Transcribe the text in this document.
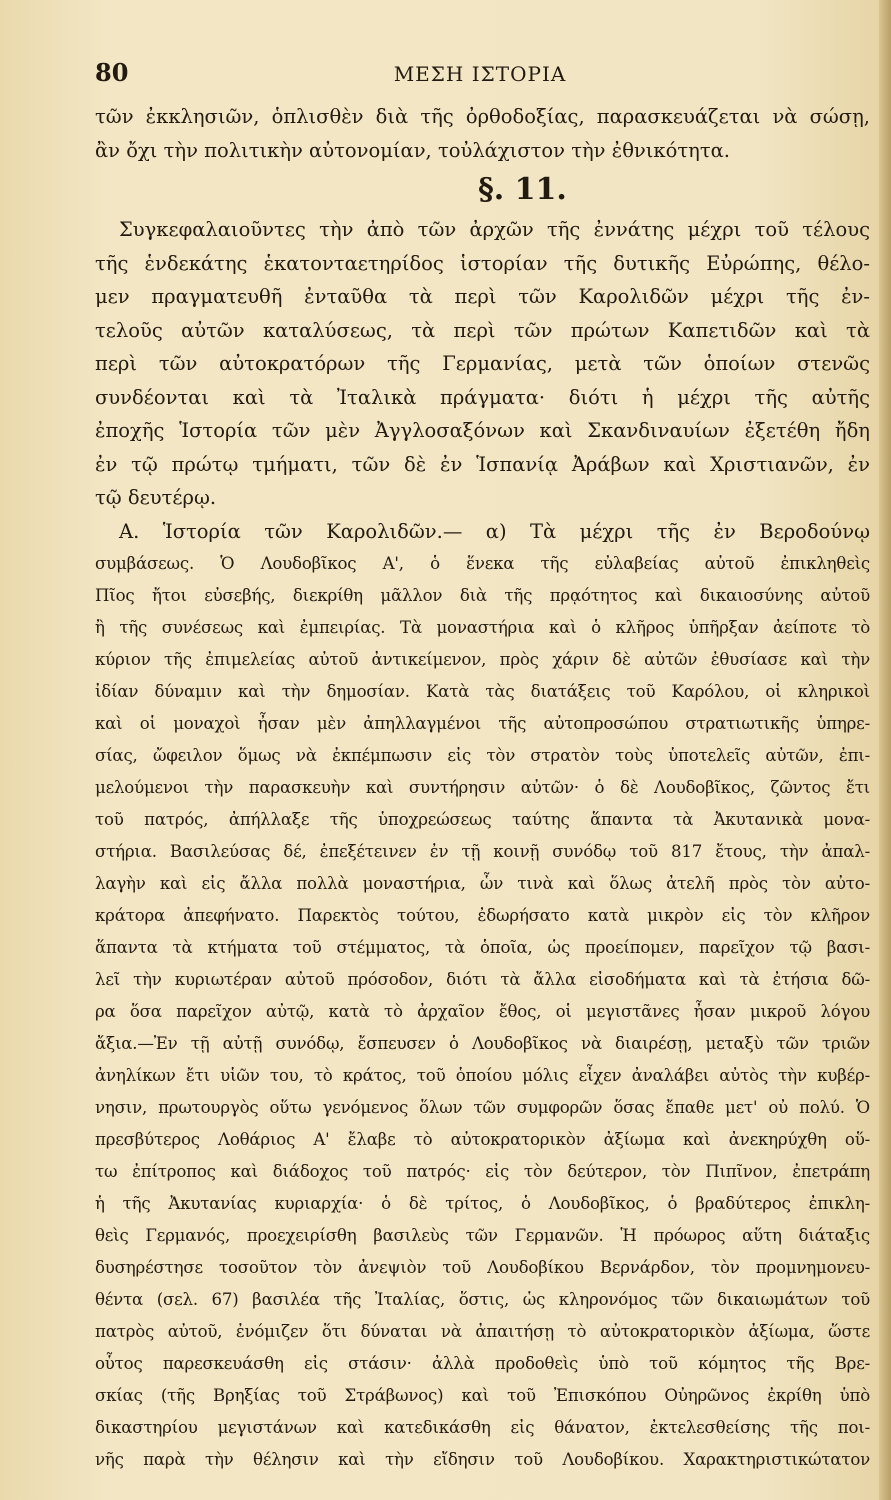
80	ΜΕΣΗ ΙΣΤΟΡΙΑ
τῶν ἐκκλησιῶν, ὁπλισθὲν διὰ τῆς ὀρθοδοξίας, παρασκευάζεται νὰ σώσῃ,
ἂν ὄχι τὴν πολιτικὴν αὐτονομίαν, τοὐλάχιστον τὴν ἐθνικότητα.
§. 11.
Συγκεφαλαιοῦντες τὴν ἀπὸ τῶν ἀρχῶν τῆς ἐννάτης μέχρι τοῦ τέλους
τῆς ἑνδεκάτης ἑκατονταετηρίδος ἱστορίαν τῆς δυτικῆς Εὐρώπης, θέλο-
μεν πραγματευθῆ ἐνταῦθα τὰ περὶ τῶν Καρολιδῶν μέχρι τῆς ἐν-
τελοῦς αὐτῶν καταλύσεως, τὰ περὶ τῶν πρώτων Καπετιδῶν καὶ τὰ
περὶ τῶν αὐτοκρατόρων τῆς Γερμανίας, μετὰ τῶν ὁποίων στενῶς
συνδέονται καὶ τὰ Ἰταλικὰ πράγματα· διότι ἡ μέχρι τῆς αὐτῆς
ἐποχῆς Ἱστορία τῶν μὲν Ἀγγλοσαξόνων καὶ Σκανδιναυίων ἐξετέθη ἤδη
ἐν τῷ πρώτῳ τμήματι, τῶν δὲ ἐν Ἱσπανίᾳ Ἀράβων καὶ Χριστιανῶν, ἐν
τῷ δευτέρῳ.
Α. Ἱστορία τῶν Καρολιδῶν.— α) Τὰ μέχρι τῆς ἐν Βεροδούνῳ
συμβάσεως. Ὁ Λουδοβῖκος Α', ὁ ἕνεκα τῆς εὐλαβείας αὐτοῦ ἐπικληθεὶς
Πῖος ἤτοι εὐσεβής, διεκρίθη μᾶλλον διὰ τῆς πρᾳότητος καὶ δικαιοσύνης αὐτοῦ
ἢ τῆς συνέσεως καὶ ἐμπειρίας. Τὰ μοναστήρια καὶ ὁ κλῆρος ὑπῆρξαν ἀείποτε τὸ
κύριον τῆς ἐπιμελείας αὐτοῦ ἀντικείμενον, πρὸς χάριν δὲ αὐτῶν ἐθυσίασε καὶ τὴν
ἰδίαν δύναμιν καὶ τὴν δημοσίαν. Κατὰ τὰς διατάξεις τοῦ Καρόλου, οἱ κληρικοὶ
καὶ οἱ μοναχοὶ ἦσαν μὲν ἀπηλλαγμένοι τῆς αὐτοπροσώπου στρατιωτικῆς ὑπηρε-
σίας, ὤφειλον ὅμως νὰ ἐκπέμπωσιν εἰς τὸν στρατὸν τοὺς ὑποτελεῖς αὐτῶν, ἐπι-
μελούμενοι τὴν παρασκευὴν καὶ συντήρησιν αὐτῶν· ὁ δὲ Λουδοβῖκος, ζῶντος ἔτι
τοῦ πατρός, ἀπήλλαξε τῆς ὑποχρεώσεως ταύτης ἅπαντα τὰ Ἀκυτανικὰ μονα-
στήρια. Βασιλεύσας δέ, ἐπεξέτεινεν ἐν τῇ κοινῇ συνόδῳ τοῦ 817 ἔτους, τὴν ἀπαλ-
λαγὴν καὶ εἰς ἄλλα πολλὰ μοναστήρια, ὧν τινὰ καὶ ὅλως ἀτελῆ πρὸς τὸν αὐτο-
κράτορα ἀπεφήνατο. Παρεκτὸς τούτου, ἐδωρήσατο κατὰ μικρὸν εἰς τὸν κλῆρον
ἅπαντα τὰ κτήματα τοῦ στέμματος, τὰ ὁποῖα, ὡς προείπομεν, παρεῖχον τῷ βασι-
λεῖ τὴν κυριωτέραν αὐτοῦ πρόσοδον, διότι τὰ ἄλλα εἰσοδήματα καὶ τὰ ἐτήσια δῶ-
ρα ὅσα παρεῖχον αὐτῷ, κατὰ τὸ ἀρχαῖον ἔθος, οἱ μεγιστᾶνες ἦσαν μικροῦ λόγου
ἄξια.—Ἐν τῇ αὐτῇ συνόδῳ, ἔσπευσεν ὁ Λουδοβῖκος νὰ διαιρέσῃ, μεταξὺ τῶν τριῶν
ἀνηλίκων ἔτι υἱῶν του, τὸ κράτος, τοῦ ὁποίου μόλις εἶχεν ἀναλάβει αὐτὸς τὴν κυβέρ-
νησιν, πρωτουργὸς οὕτω γενόμενος ὅλων τῶν συμφορῶν ὅσας ἔπαθε μετ' οὐ πολύ. Ὁ
πρεσβύτερος Λοθάριος Α' ἔλαβε τὸ αὐτοκρατορικὸν ἀξίωμα καὶ ἀνεκηρύχθη οὕ-
τω ἐπίτροπος καὶ διάδοχος τοῦ πατρός· εἰς τὸν δεύτερον, τὸν Πιπῖνον, ἐπετράπη
ἡ τῆς Ἀκυτανίας κυριαρχία· ὁ δὲ τρίτος, ὁ Λουδοβῖκος, ὁ βραδύτερος ἐπικλη-
θεὶς Γερμανός, προεχειρίσθη βασιλεὺς τῶν Γερμανῶν. Ἡ πρόωρος αὕτη διάταξις
δυσηρέστησε τοσοῦτον τὸν ἀνεψιὸν τοῦ Λουδοβίκου Βερνάρδον, τὸν προμνημονευ-
θέντα (σελ. 67) βασιλέα τῆς Ἰταλίας, ὅστις, ὡς κληρονόμος τῶν δικαιωμάτων τοῦ
πατρὸς αὐτοῦ, ἐνόμιζεν ὅτι δύναται νὰ ἀπαιτήσῃ τὸ αὐτοκρατορικὸν ἀξίωμα, ὥστε
οὗτος παρεσκευάσθη εἰς στάσιν· ἀλλὰ προδοθεὶς ὑπὸ τοῦ κόμητος τῆς Βρε-
σκίας (τῆς Βρηξίας τοῦ Στράβωνος) καὶ τοῦ Ἐπισκόπου Οὐηρῶνος ἐκρίθη ὑπὸ
δικαστηρίου μεγιστάνων καὶ κατεδικάσθη εἰς θάνατον, ἐκτελεσθείσης τῆς ποι-
νῆς παρὰ τὴν θέλησιν καὶ τὴν εἴδησιν τοῦ Λουδοβίκου. Χαρακτηριστικώτατον
